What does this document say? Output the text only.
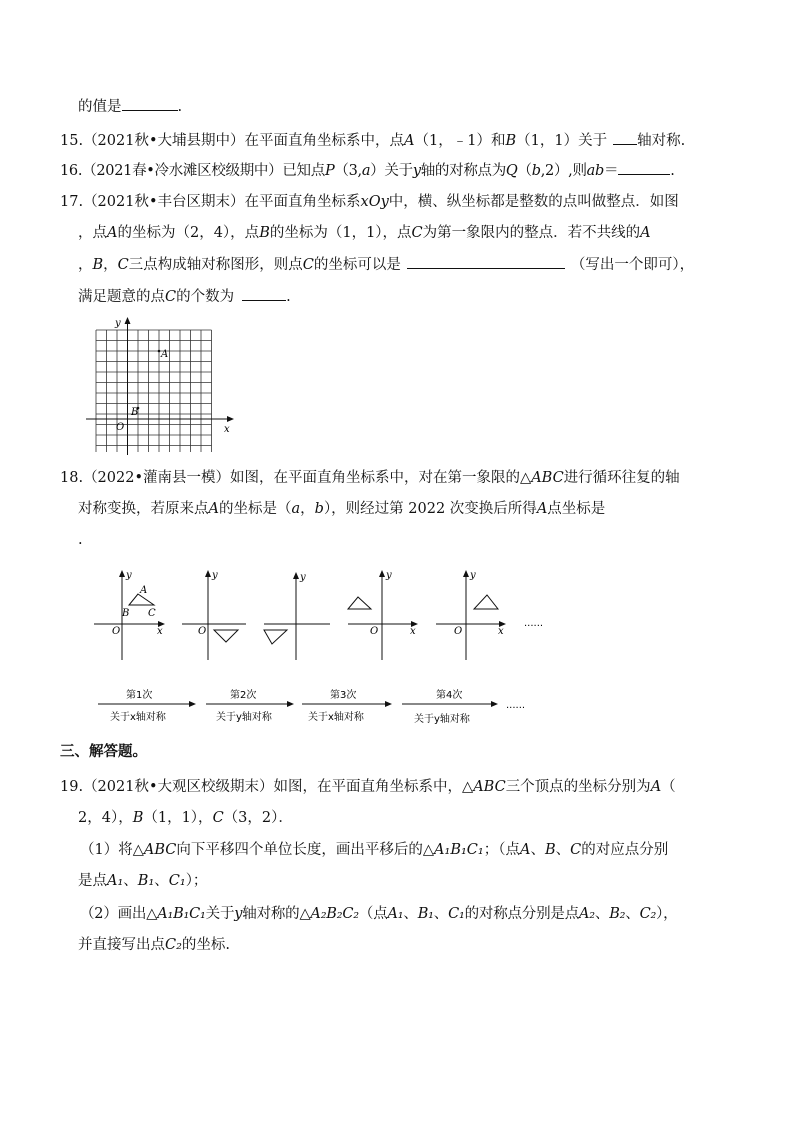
的值是	.
15.（2021秋•大埔县期中）在平面直角坐标系中，点A（1，﹣1）和B（1，1）关于 轴对称.
16.（2021春•冷水滩区校级期中）已知点P（3,a）关于y轴的对称点为Q（b,2）,则ab＝	.
17.（2021秋•丰台区期末）在平面直角坐标系xOy中，横、纵坐标都是整数的点叫做整点．如图
，点A的坐标为（2，4），点B的坐标为（1，1），点C为第一象限内的整点．若不共线的A
，B，C三点构成轴对称图形，则点C的坐标可以是	（写出一个即可），
满足题意的点C的个数为	.
y
x
O
A
B
18.（2022•灌南县一模）如图，在平面直角坐标系中，对在第一象限的△ABC进行循环往复的轴
对称变换，若原来点A的坐标是（a，b），则经过第 2022 次变换后所得A点坐标是
.
y
x
O
A
B C
y
O
y	y
x
O
y
x
O
......
第1次
关于x轴对称
第2次
关于y轴对称
第3次
关于x轴对称
第4次
关于y轴对称
......
三、解答题。
19.（2021秋•大观区校级期末）如图，在平面直角坐标系中，△ABC三个顶点的坐标分别为A（
2，4），B（1，1），C（3，2）．
（1）将△ABC向下平移四个单位长度，画出平移后的△A₁B₁C₁；（点A、B、C的对应点分别
是点A₁、B₁、C₁）；
（2）画出△A₁B₁C₁关于y轴对称的△A₂B₂C₂（点A₁、B₁、C₁的对称点分别是点A₂、B₂、C₂），
并直接写出点C₂的坐标.
